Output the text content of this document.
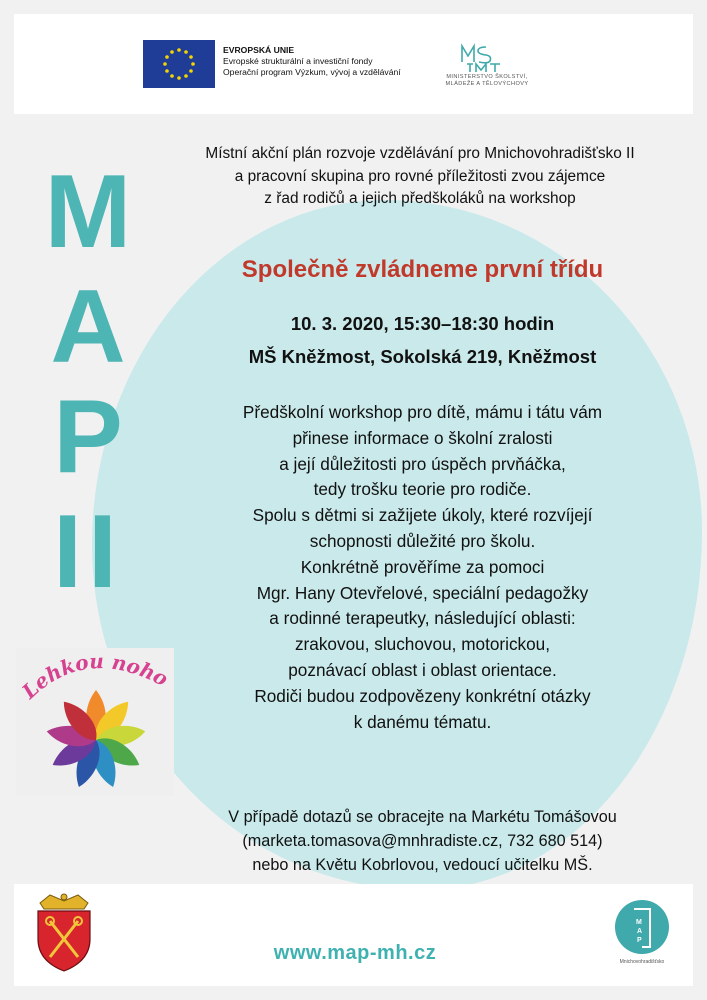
EVROPSKÁ UNIE
Evropské strukturální a investiční fondy
Operační program Výzkum, vývoj a vzdělávání	MINISTERSTVO ŠKOLSTVÍ,
MLÁDEŽE A TĚLOVÝCHOVY
M
A
P
II
Lehkou noho
Místní akční plán rozvoje vzdělávání pro Mnichovohradišťsko II
a pracovní skupina pro rovné příležitosti zvou zájemce
z řad rodičů a jejich předškoláků na workshop
Společně zvládneme první třídu
10. 3. 2020, 15:30–18:30 hodin
MŠ Kněžmost, Sokolská 219, Kněžmost
Předškolní workshop pro dítě, mámu i tátu vám
přinese informace o školní zralosti
a její důležitosti pro úspěch prvňáčka,
tedy trošku teorie pro rodiče.
Spolu s dětmi si zažijete úkoly, které rozvíjejí
schopnosti důležité pro školu.
Konkrétně prověříme za pomoci
Mgr. Hany Otevřelové, speciální pedagožky
a rodinné terapeutky, následující oblasti:
zrakovou, sluchovou, motorickou,
poznávací oblast i oblast orientace.
Rodiči budou zodpovězeny konkrétní otázky
k danému tématu.
V případě dotazů se obracejte na Markétu Tomášovou
(marketa.tomasova@mnhradiste.cz, 732 680 514)
nebo na Květu Kobrlovou, vedoucí učitelku MŠ.
www.map-mh.cz
M
A
P
Mnichovohradišťsko
